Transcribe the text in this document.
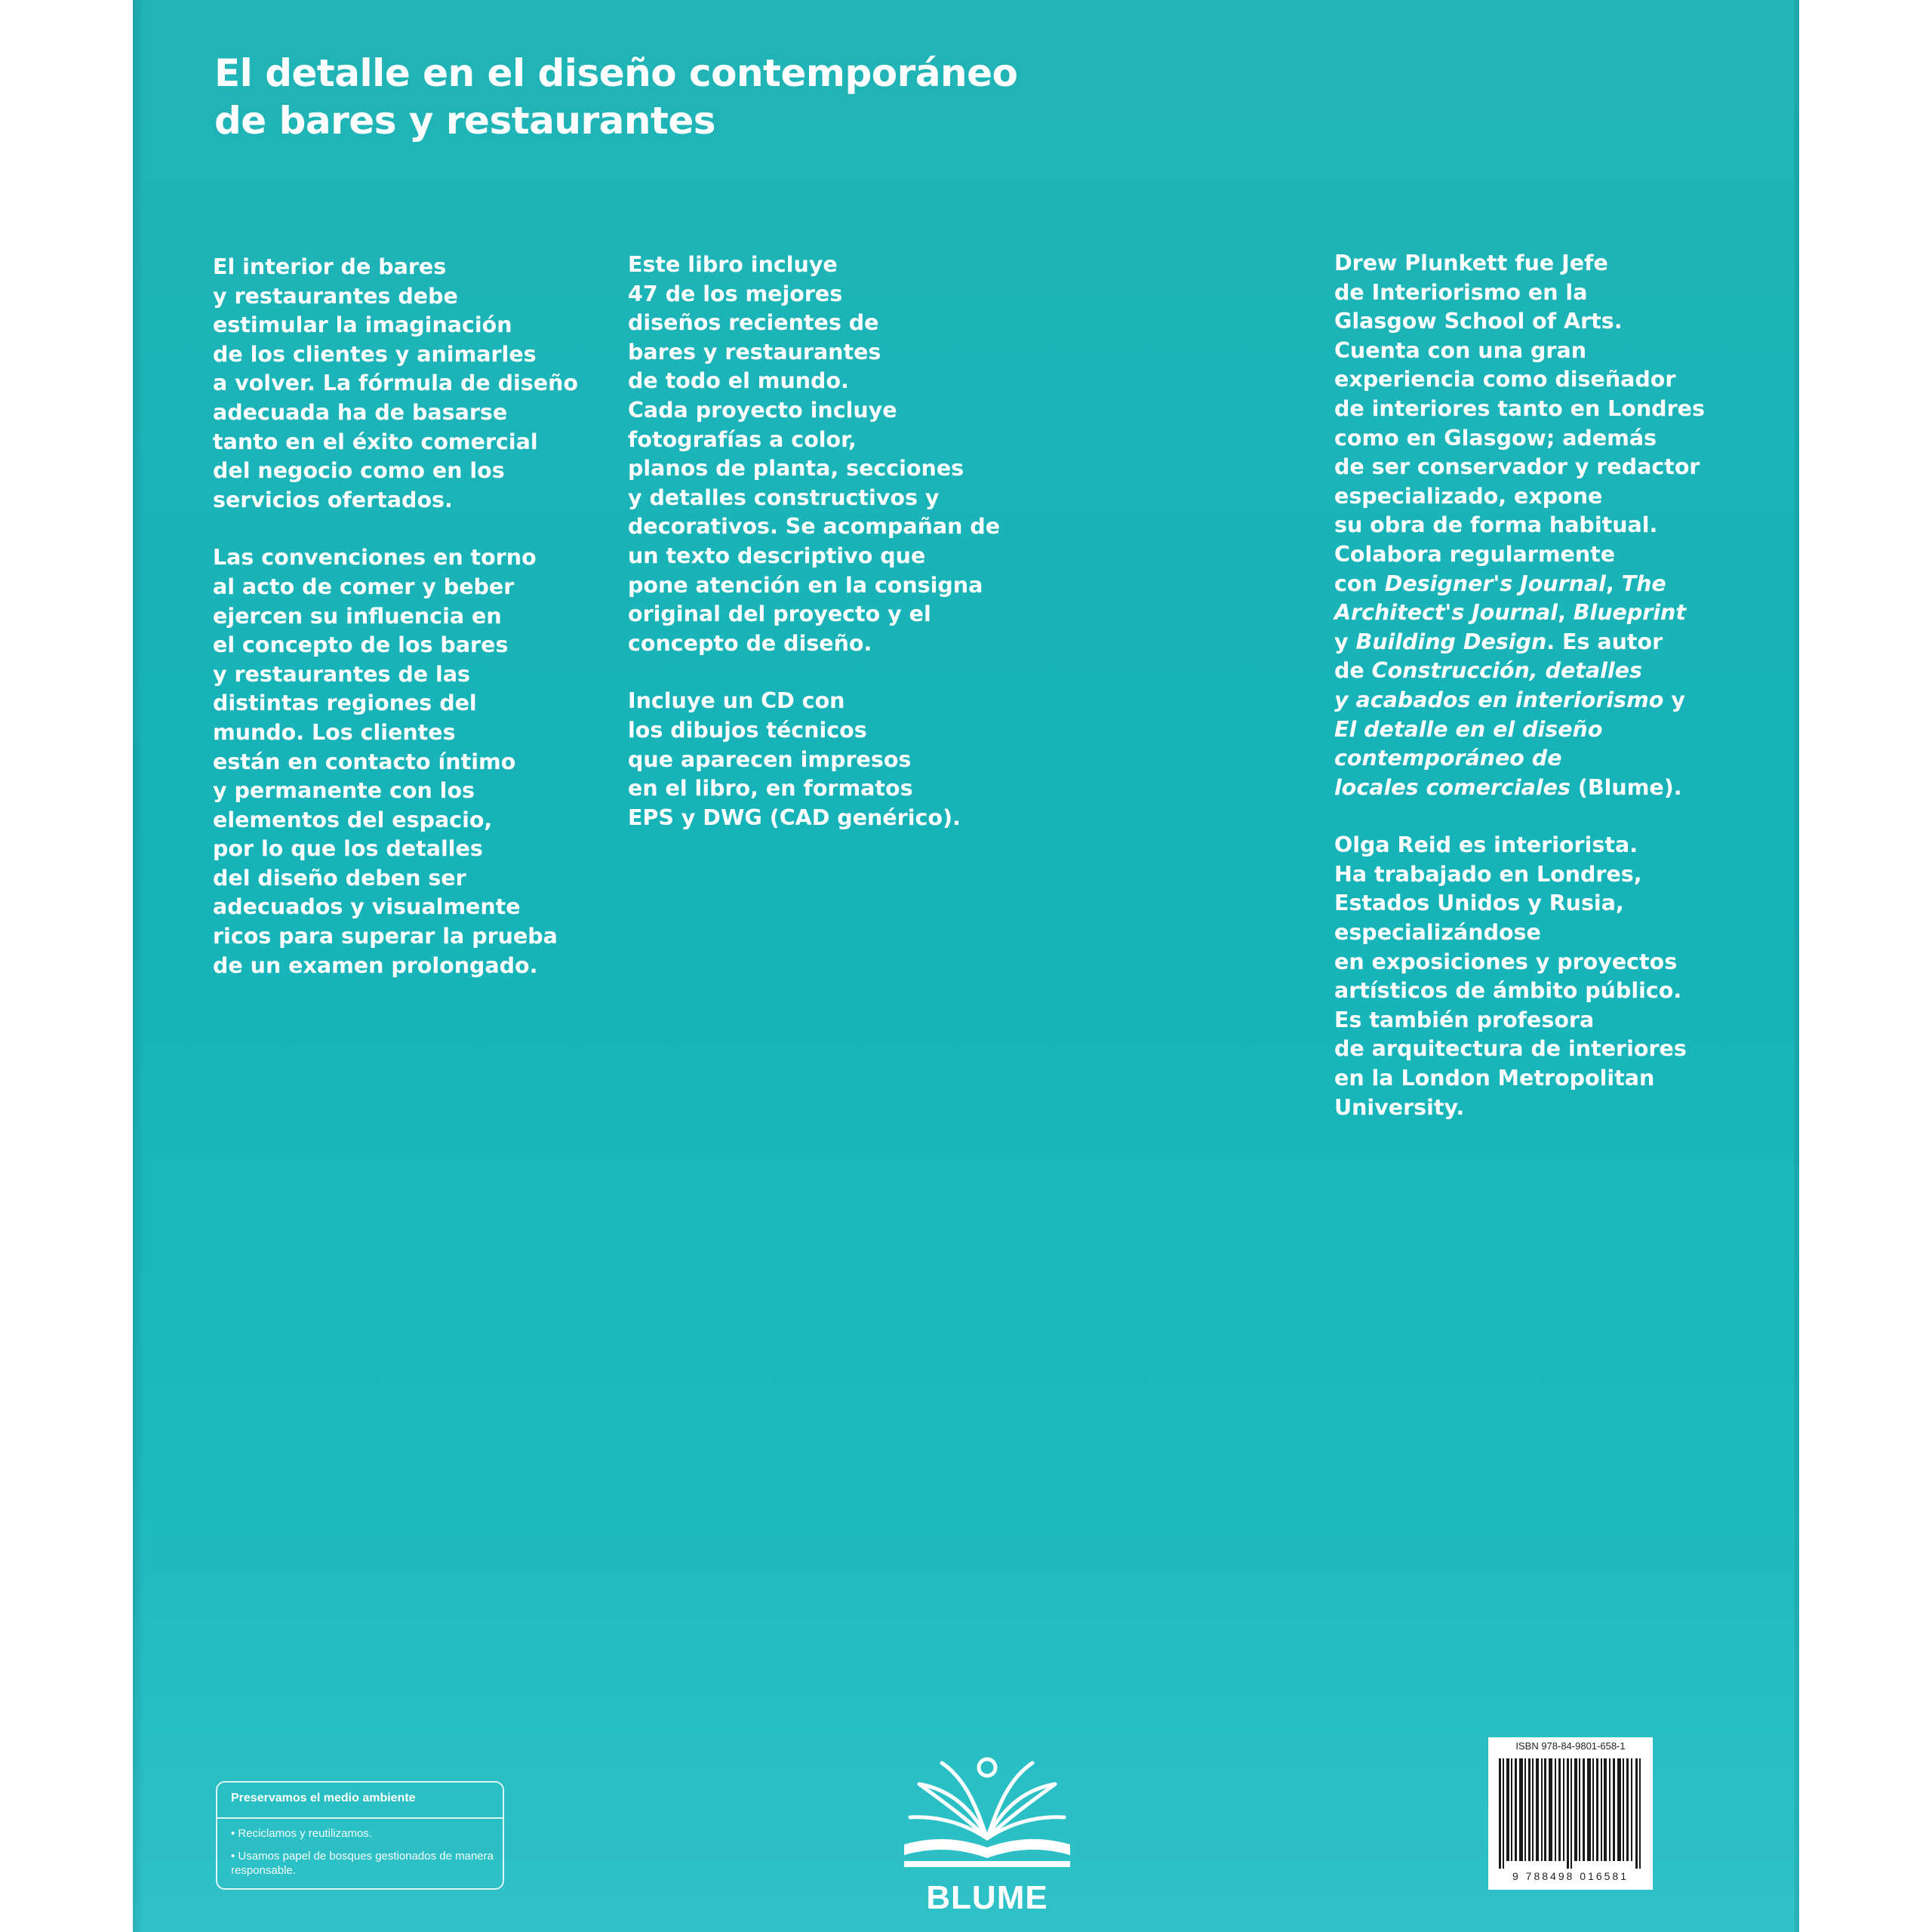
El detalle en el diseño contemporáneo
de bares y restaurantes

El interior de bares
y restaurantes debe
estimular la imaginación
de los clientes y animarles
a volver. La fórmula de diseño
adecuada ha de basarse
tanto en el éxito comercial
del negocio como en los
servicios ofertados.

Las convenciones en torno
al acto de comer y beber
ejercen su influencia en
el concepto de los bares
y restaurantes de las
distintas regiones del
mundo. Los clientes
están en contacto íntimo
y permanente con los
elementos del espacio,
por lo que los detalles
del diseño deben ser
adecuados y visualmente
ricos para superar la prueba
de un examen prolongado.

Este libro incluye
47 de los mejores
diseños recientes de
bares y restaurantes
de todo el mundo.
Cada proyecto incluye
fotografías a color,
planos de planta, secciones
y detalles constructivos y
decorativos. Se acompañan de
un texto descriptivo que
pone atención en la consigna
original del proyecto y el
concepto de diseño.

Incluye un CD con
los dibujos técnicos
que aparecen impresos
en el libro, en formatos
EPS y DWG (CAD genérico).

Drew Plunkett fue Jefe
de Interiorismo en la
Glasgow School of Arts.
Cuenta con una gran
experiencia como diseñador
de interiores tanto en Londres
como en Glasgow; además
de ser conservador y redactor
especializado, expone
su obra de forma habitual.
Colabora regularmente
con Designer's Journal, The
Architect's Journal, Blueprint
y Building Design. Es autor
de Construcción, detalles
y acabados en interiorismo y
El detalle en el diseño
contemporáneo de
locales comerciales (Blume).

Olga Reid es interiorista.
Ha trabajado en Londres,
Estados Unidos y Rusia,
especializándose
en exposiciones y proyectos
artísticos de ámbito público.
Es también profesora
de arquitectura de interiores
en la London Metropolitan
University.

Preservamos el medio ambiente
• Reciclamos y reutilizamos.
• Usamos papel de bosques gestionados de manera responsable.
BLUME
ISBN 978-84-9801-658-1
9 788498 016581
